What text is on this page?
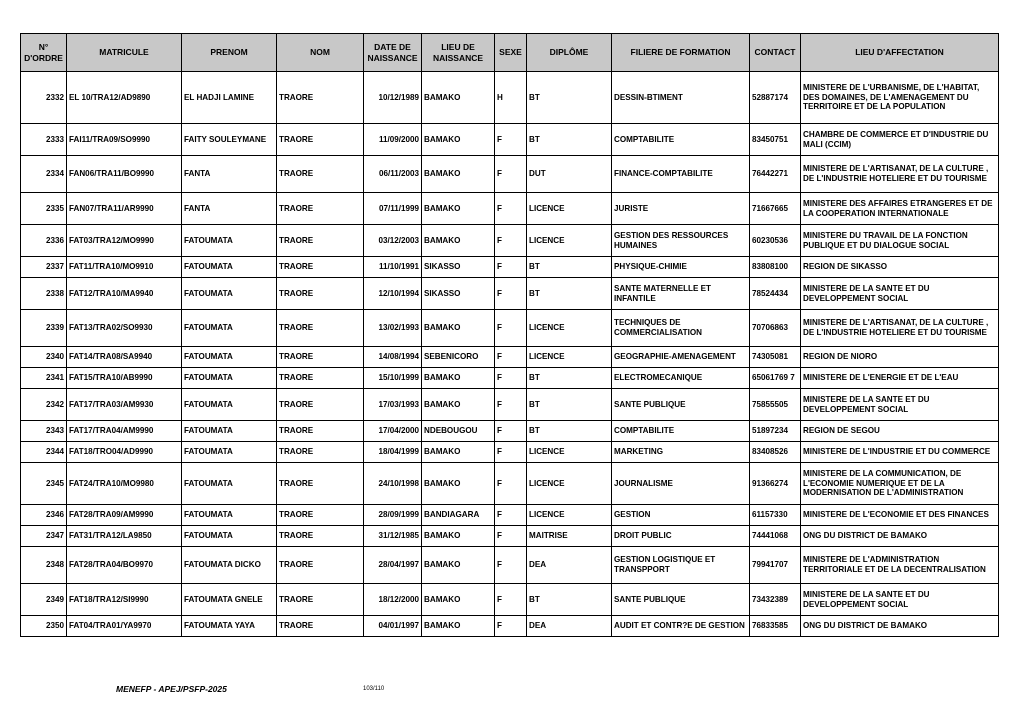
N° D'ORDRE	MATRICULE	PRENOM	NOM	DATE DE NAISSANCE	LIEU DE NAISSANCE	SEXE	DIPLÔME	FILIERE DE FORMATION	CONTACT	LIEU D'AFFECTATION
2332	EL 10/TRA12/AD9890	EL HADJI LAMINE	TRAORE	10/12/1989	BAMAKO	H	BT	DESSIN-BTIMENT	52887174	MINISTERE DE L'URBANISME, DE L'HABITAT, DES DOMAINES, DE L'AMENAGEMENT DU TERRITOIRE ET DE LA POPULATION
2333	FAI11/TRA09/SO9990	FAITY SOULEYMANE	TRAORE	11/09/2000	BAMAKO	F	BT	COMPTABILITE	83450751	CHAMBRE DE COMMERCE ET D'INDUSTRIE DU MALI (CCIM)
2334	FAN06/TRA11/BO9990	FANTA	TRAORE	06/11/2003	BAMAKO	F	DUT	FINANCE-COMPTABILITE	76442271	MINISTERE DE L'ARTISANAT, DE LA CULTURE , DE L'INDUSTRIE HOTELIERE ET DU TOURISME
2335	FAN07/TRA11/AR9990	FANTA	TRAORE	07/11/1999	BAMAKO	F	LICENCE	JURISTE	71667665	MINISTERE DES AFFAIRES ETRANGERES ET DE LA COOPERATION INTERNATIONALE
2336	FAT03/TRA12/MO9990	FATOUMATA	TRAORE	03/12/2003	BAMAKO	F	LICENCE	GESTION DES RESSOURCES HUMAINES	60230536	MINISTERE DU TRAVAIL DE LA FONCTION PUBLIQUE ET DU DIALOGUE SOCIAL
2337	FAT11/TRA10/MO9910	FATOUMATA	TRAORE	11/10/1991	SIKASSO	F	BT	PHYSIQUE-CHIMIE	83808100	REGION DE SIKASSO
2338	FAT12/TRA10/MA9940	FATOUMATA	TRAORE	12/10/1994	SIKASSO	F	BT	SANTE MATERNELLE ET INFANTILE	78524434	MINISTERE DE LA SANTE ET DU DEVELOPPEMENT SOCIAL
2339	FAT13/TRA02/SO9930	FATOUMATA	TRAORE	13/02/1993	BAMAKO	F	LICENCE	TECHNIQUES DE COMMERCIALISATION	70706863	MINISTERE DE L'ARTISANAT, DE LA CULTURE , DE L'INDUSTRIE HOTELIERE ET DU TOURISME
2340	FAT14/TRA08/SA9940	FATOUMATA	TRAORE	14/08/1994	SEBENICORO	F	LICENCE	GEOGRAPHIE-AMENAGEMENT	74305081	REGION DE NIORO
2341	FAT15/TRA10/AB9990	FATOUMATA	TRAORE	15/10/1999	BAMAKO	F	BT	ELECTROMECANIQUE	65061769 7	MINISTERE DE L'ENERGIE ET DE L'EAU
2342	FAT17/TRA03/AM9930	FATOUMATA	TRAORE	17/03/1993	BAMAKO	F	BT	SANTE PUBLIQUE	75855505	MINISTERE DE LA SANTE ET DU DEVELOPPEMENT SOCIAL
2343	FAT17/TRA04/AM9990	FATOUMATA	TRAORE	17/04/2000	NDEBOUGOU	F	BT	COMPTABILITE	51897234	REGION DE SEGOU
2344	FAT18/TRO04/AD9990	FATOUMATA	TRAORE	18/04/1999	BAMAKO	F	LICENCE	MARKETING	83408526	MINISTERE DE L'INDUSTRIE ET DU COMMERCE
2345	FAT24/TRA10/MO9980	FATOUMATA	TRAORE	24/10/1998	BAMAKO	F	LICENCE	JOURNALISME	91366274	MINISTERE DE LA COMMUNICATION, DE L'ECONOMIE NUMERIQUE ET DE LA MODERNISATION DE L'ADMINISTRATION
2346	FAT28/TRA09/AM9990	FATOUMATA	TRAORE	28/09/1999	BANDIAGARA	F	LICENCE	GESTION	61157330	MINISTERE DE L'ECONOMIE ET DES FINANCES
2347	FAT31/TRA12/LA9850	FATOUMATA	TRAORE	31/12/1985	BAMAKO	F	MAITRISE	DROIT PUBLIC	74441068	ONG DU DISTRICT DE BAMAKO
2348	FAT28/TRA04/BO9970	FATOUMATA DICKO	TRAORE	28/04/1997	BAMAKO	F	DEA	GESTION LOGISTIQUE ET TRANSPPORT	79941707	MINISTERE DE L'ADMINISTRATION TERRITORIALE ET DE LA DECENTRALISATION
2349	FAT18/TRA12/SI9990	FATOUMATA GNELE	TRAORE	18/12/2000	BAMAKO	F	BT	SANTE PUBLIQUE	73432389	MINISTERE DE LA SANTE ET DU DEVELOPPEMENT SOCIAL
2350	FAT04/TRA01/YA9970	FATOUMATA YAYA	TRAORE	04/01/1997	BAMAKO	F	DEA	AUDIT ET CONTR?E DE GESTION	76833585	ONG DU DISTRICT DE BAMAKO
MENEFP - APEJ/PSFP-2025	103/110
